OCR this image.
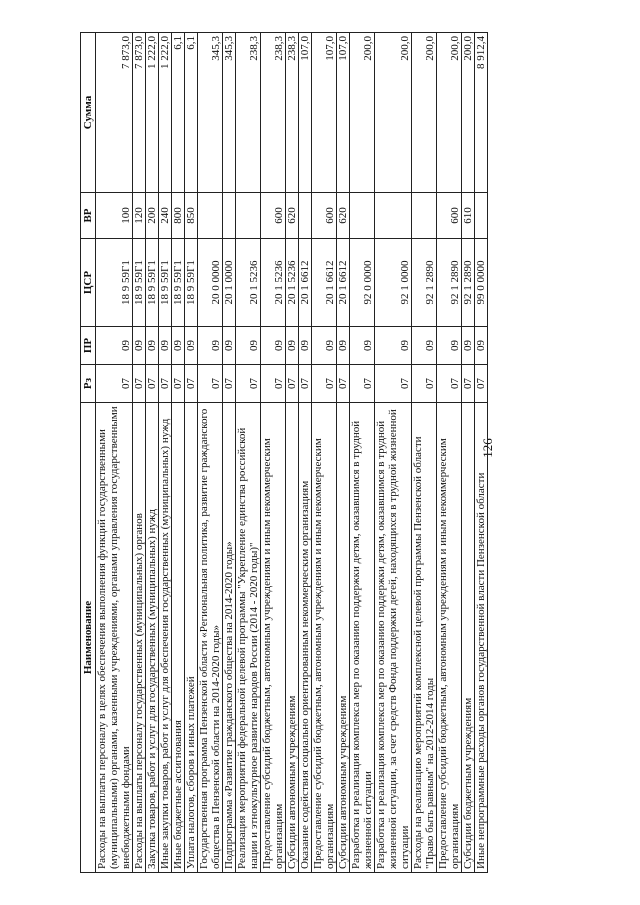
126
Наименование	Рз	ПР	ЦСР	ВР	Сумма
Расходы на выплаты персоналу в целях обеспечения выполнения функций государственными (муниципальными) органами, казенными учреждениями, органами управления государственными внебюджетными фондами	07	09	18 9 59Г1	100	7 873,0
Расходы на выплаты персоналу государственных (муниципальных) органов	07	09	18 9 59Г1	120	7 873,0
Закупка товаров, работ и услуг для государственных (муниципальных) нужд	07	09	18 9 59Г1	200	1 222,0
Иные закупки товаров, работ и услуг для обеспечения государственных (муниципальных) нужд	07	09	18 9 59Г1	240	1 222,0
Иные бюджетные ассигнования	07	09	18 9 59Г1	800	6,1
Уплата налогов, сборов и иных платежей	07	09	18 9 59Г1	850	6,1
Государственная программа Пензенской области «Региональная политика, развитие гражданского общества в Пензенской области на 2014-2020 годы»	07	09	20 0 0000		345,3
Подпрограмма «Развитие гражданского общества на 2014-2020 годы»	07	09	20 1 0000		345,3
Реализация мероприятий федеральной целевой программы "Укрепление единства российской нации и этнокультурное развитие народов России (2014 - 2020 годы)"	07	09	20 1 5236		238,3
Предоставление субсидий бюджетным, автономным учреждениям и иным некоммерческим организациям	07	09	20 1 5236	600	238,3
Субсидии автономным учреждениям	07	09	20 1 5236	620	238,3
Оказание содействия социально ориентированным некоммерческим организациям	07	09	20 1 6612		107,0
Предоставление субсидий бюджетным, автономным учреждениям и иным некоммерческим организациям	07	09	20 1 6612	600	107,0
Субсидии автономным учреждениям	07	09	20 1 6612	620	107,0
Разработка и реализация комплекса мер по оказанию поддержки детям, оказавшимся в трудной жизненной ситуации	07	09	92 0 0000		200,0
Разработка и реализация комплекса мер по оказанию поддержки детям, оказавшимся в трудной жизненной ситуации, за счет средств Фонда поддержки детей, находящихся в трудной жизненной ситуации	07	09	92 1 0000		200,0
Расходы на реализацию мероприятий комплексной целевой программы Пензенской области "Право быть равным" на 2012-2014 годы	07	09	92 1 2890		200,0
Предоставление субсидий бюджетным, автономным учреждениям и иным некоммерческим организациям	07	09	92 1 2890	600	200,0
Субсидии бюджетным учреждениям	07	09	92 1 2890	610	200,0
Иные непрограммные расходы органов государственной власти Пензенской области	07	09	99 0 0000		8 912,4
